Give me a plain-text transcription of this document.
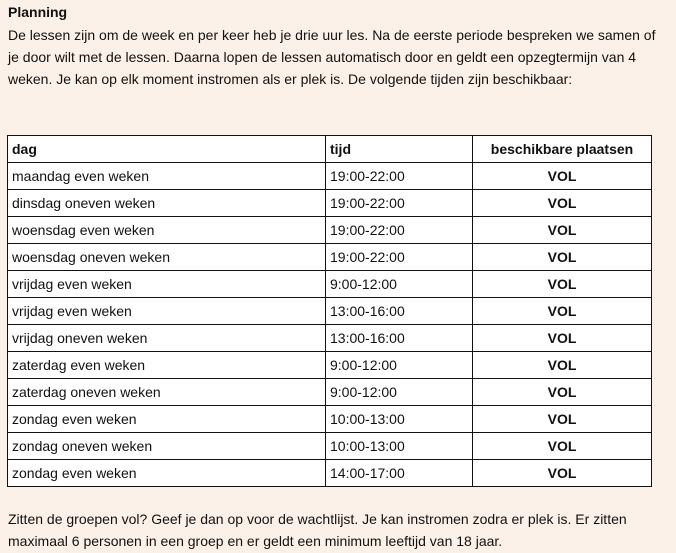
Planning

De lessen zijn om de week en per keer heb je drie uur les. Na de eerste periode bespreken we samen of je door wilt met de lessen. Daarna lopen de lessen automatisch door en geldt een opzegtermijn van 4 weken. Je kan op elk moment instromen als er plek is. De volgende tijden zijn beschikbaar:

dag	tijd	beschikbare plaatsen
maandag even weken	19:00-22:00	VOL
dinsdag oneven weken	19:00-22:00	VOL
woensdag even weken	19:00-22:00	VOL
woensdag oneven weken	19:00-22:00	VOL
vrijdag even weken	9:00-12:00	VOL
vrijdag even weken	13:00-16:00	VOL
vrijdag oneven weken	13:00-16:00	VOL
zaterdag even weken	9:00-12:00	VOL
zaterdag oneven weken	9:00-12:00	VOL
zondag even weken	10:00-13:00	VOL
zondag oneven weken	10:00-13:00	VOL
zondag even weken	14:00-17:00	VOL

Zitten de groepen vol? Geef je dan op voor de wachtlijst. Je kan instromen zodra er plek is. Er zitten maximaal 6 personen in een groep en er geldt een minimum leeftijd van 18 jaar.
